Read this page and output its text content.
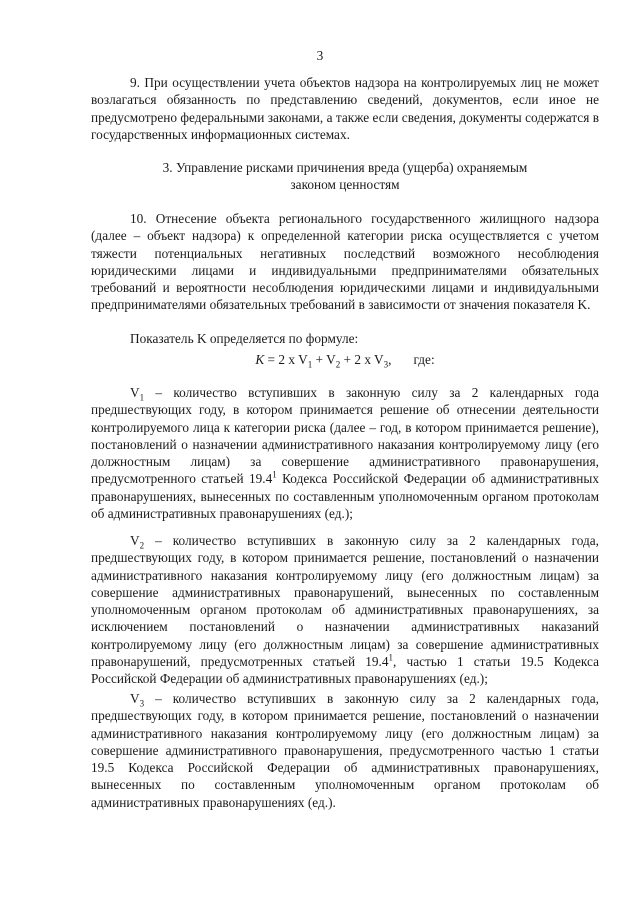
3

9. При осуществлении учета объектов надзора на контролируемых лиц не может возлагаться обязанность по представлению сведений, документов, если иное не предусмотрено федеральными законами, а также если сведения, документы содержатся в государственных информационных системах.

3. Управление рисками причинения вреда (ущерба) охраняемым

законом ценностям

10. Отнесение объекта регионального государственного жилищного надзора (далее – объект надзора) к определенной категории риска осуществляется с учетом тяжести потенциальных негативных последствий возможного несоблюдения юридическими лицами и индивидуальными предпринимателями обязательных требований и вероятности несоблюдения юридическими лицами и индивидуальными предпринимателями обязательных требований в зависимости от значения показателя K.

Показатель K определяется по формуле:

K = 2 x $V_1 + V_2 + 2$ x $V_3$, где:

$V_1$ – количество вступивших в законную силу за 2 календарных года предшествующих году, в котором принимается решение об отнесении деятельности контролируемого лица к категории риска (далее – год, в котором принимается решение), постановлений о назначении административного наказания контролируемому лицу (его должностным лицам) за совершение административного правонарушения, предусмотренного статьей 19.4$^1$ Кодекса Российской Федерации об административных правонарушениях, вынесенных по составленным уполномоченным органом протоколам об административных правонарушениях (ед.);

$V_2$ – количество вступивших в законную силу за 2 календарных года, предшествующих году, в котором принимается решение, постановлений о назначении административного наказания контролируемому лицу (его должностным лицам) за совершение административных правонарушений, вынесенных по составленным уполномоченным органом протоколам об административных правонарушениях, за исключением постановлений о назначении административных наказаний контролируемому лицу (его должностным лицам) за совершение административных правонарушений, предусмотренных статьей 19.4$^1$, частью 1 статьи 19.5 Кодекса Российской Федерации об административных правонарушениях (ед.);

$V_3$ – количество вступивших в законную силу за 2 календарных года, предшествующих году, в котором принимается решение, постановлений о назначении административного наказания контролируемому лицу (его должностным лицам) за совершение административного правонарушения, предусмотренного частью 1 статьи 19.5 Кодекса Российской Федерации об административных правонарушениях, вынесенных по составленным уполномоченным органом протоколам об административных правонарушениях (ед.).
